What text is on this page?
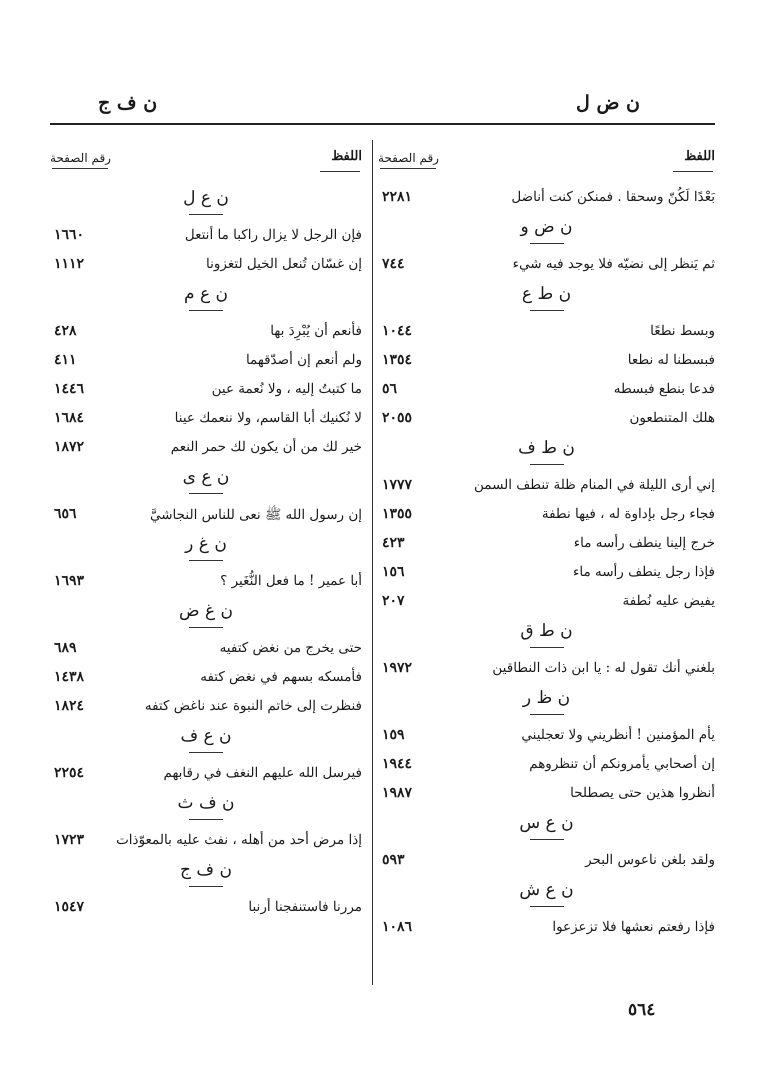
ن ف ج	ن ض ل
اللفظ
رقم الصفحة
ن ع ل
فإن الرجل لا يزال راكبا ما أنتعل
١٦٦٠
إن غسّان تُنعل الخيل لتغزونا
١١١٢
ن ع م
فأنعم أن يُبْرِدَ بها
٤٢٨
ولم أنعم إن أصدّقهما
٤١١
ما كتبتُ إليه ، ولا نُعمة عين
١٤٤٦
لا نُكنيك أبا القاسم، ولا ننعمك عينا
١٦٨٤
خير لك من أن يكون لك حمر النعم
١٨٧٢
ن ع ى
إن رسول الله ﷺ نعى للناس النجاشيَّ
٦٥٦
ن غ ر
أبا عمير ! ما فعل النُّغَير ؟
١٦٩٣
ن غ ض
حتى يخرج من نغض كتفيه
٦٨٩
فأمسكه بسهم في نغض كتفه
١٤٣٨
فنظرت إلى خاتم النبوة عند ناغض كتفه
١٨٢٤
ن ع ف
فيرسل الله عليهم النغف في رقابهم
٢٢٥٤
ن ف ث
إذا مرض أحد من أهله ، نفث عليه بالمعوّذات
١٧٢٣
ن ف ج
مررنا فاستنفجنا أرنبا
١٥٤٧
اللفظ
رقم الصفحة
بَعْدًا لَكُنّ وسحقا . فمنكن كنت أناضل
٢٢٨١
ن ض و
ثم يَنظر إلى نضيّه فلا يوجد فيه شيء
٧٤٤
ن ط ع
وبسط نطعًا
١٠٤٤
فبسطنا له نطعا
١٣٥٤
فدعا بنطع فبسطه
٥٦
هلك المتنطعون
٢٠٥٥
ن ط ف
إني أرى الليلة في المنام ظلة تنطف السمن
١٧٧٧
فجاء رجل بإداوة له ، فيها نطفة
١٣٥٥
خرج إلينا ينطف رأسه ماء
٤٢٣
فإذا رجل ينطف رأسه ماء
١٥٦
يفيض عليه نُطفة
٢٠٧
ن ط ق
بلغني أنك تقول له : يا ابن ذات النطاقين
١٩٧٢
ن ظ ر
يأم المؤمنين ! أنظريني ولا تعجليني
١٥٩
إن أصحابي يأمرونكم أن تنظروهم
١٩٤٤
أنظروا هذين حتى يصطلحا
١٩٨٧
ن ع س
ولقد بلغن ناعوس البحر
٥٩٣
ن ع ش
فإذا رفعتم نعشها فلا تزعزعوا
١٠٨٦
٥٦٤
